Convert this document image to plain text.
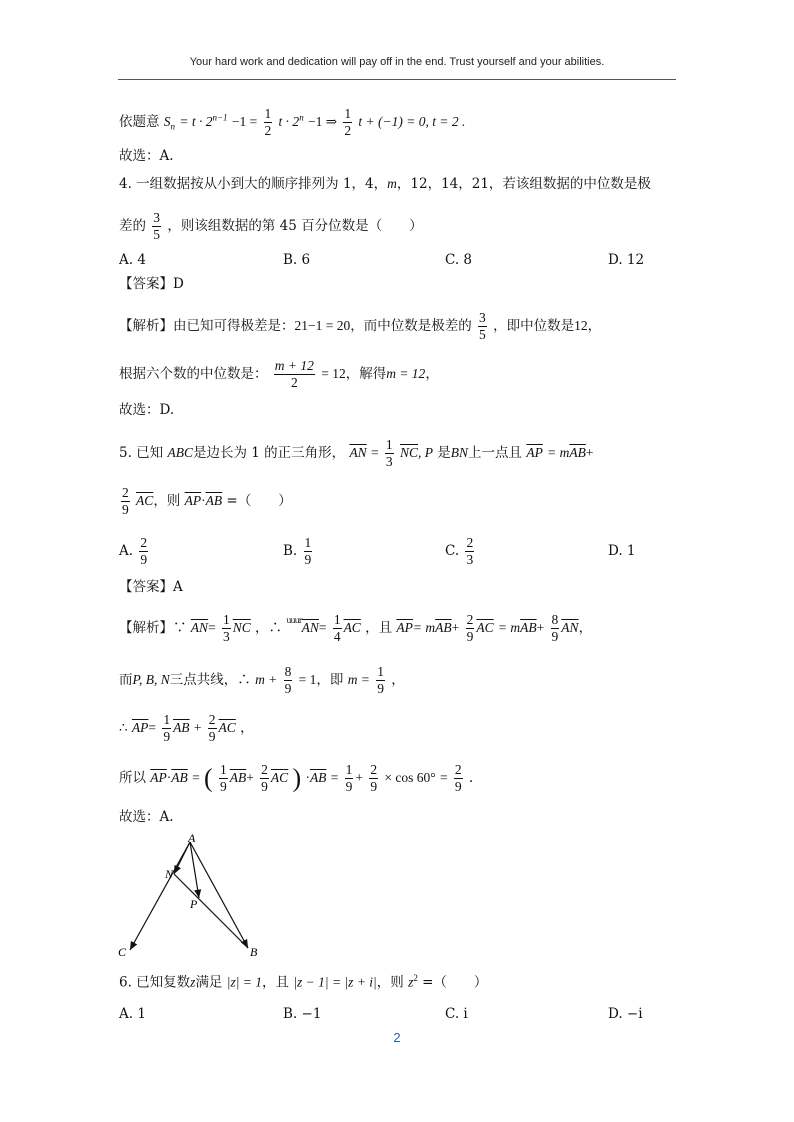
Your hard work and dedication will pay off in the end. Trust yourself and your abilities.
依题意 $S_n = t \cdot 2^{n-1} -1 = \frac{1}{2}$ $t \cdot 2^n -1$ ⇒ $\frac{1}{2}$ t + (−1) = 0, t = 2 .
故选：A.
4. 一组数据按从小到大的顺序排列为 1，4，m，12，14，21，若该组数据的中位数是极
差的 $\frac{3}{5}$ ，则该组数据的第 45 百分位数是（　　）
A. 4	B. 6	C. 8	D. 12
【答案】D
【解析】由已知可得极差是：21−1 = 20，而中位数是极差的 $\frac{3}{5}$ ，即中位数是12，
根据六个数的中位数是： $\frac{m + 12}{2} = 12$，解得m = 12，
故选：D.
5. 已知 ABC是边长为 1 的正三角形， $\overline{AN} = \frac{1}{3} \overline{NC}$, P 是BN上一点且 $\overline{AP} = m\overline{AB}+$
$\frac{2}{9} \overline{AC}$，则 $\overline{AP}\cdot\overline{AB}$ =（　　）
A. $\frac{2}{9}$	B. $\frac{1}{9}$	C. $\frac{2}{3}$	D. 1
【答案】A
【解析】∵ $\overline{AN}= \frac{1}{3} \overline{NC}$ ，∴ $^{uuur}\overline{AN}= \frac{1}{4} \overline{AC}$ ，且 $\overline{AP}= m\overline{AB}+ \frac{2}{9} \overline{AC} = m\overline{AB}+ \frac{8}{9} \overline{AN}$，
而P, B, N三点共线，∴ $m + \frac{8}{9} = 1$，即 $m = \frac{1}{9}$ ，
∴ $\overline{AP}= \frac{1}{9} \overline{AB} + \frac{2}{9} \overline{AC}$ ，
所以 $\overline{AP}\cdot\overline{AB}$ = ( $\frac{1}{9} \overline{AB}+ \frac{2}{9} \overline{AC}$ ) $\cdot\overline{AB} = \frac{1}{9} + \frac{2}{9} \times \cos 60^\circ = \frac{2}{9}$ .
故选：A.
A
N
P
C	B
6. 已知复数z满足 |z| = 1，且 |z − 1| = |z + i|，则 $z^2$ =（　　）
A. 1	B. −1	C. i	D. −i
2
